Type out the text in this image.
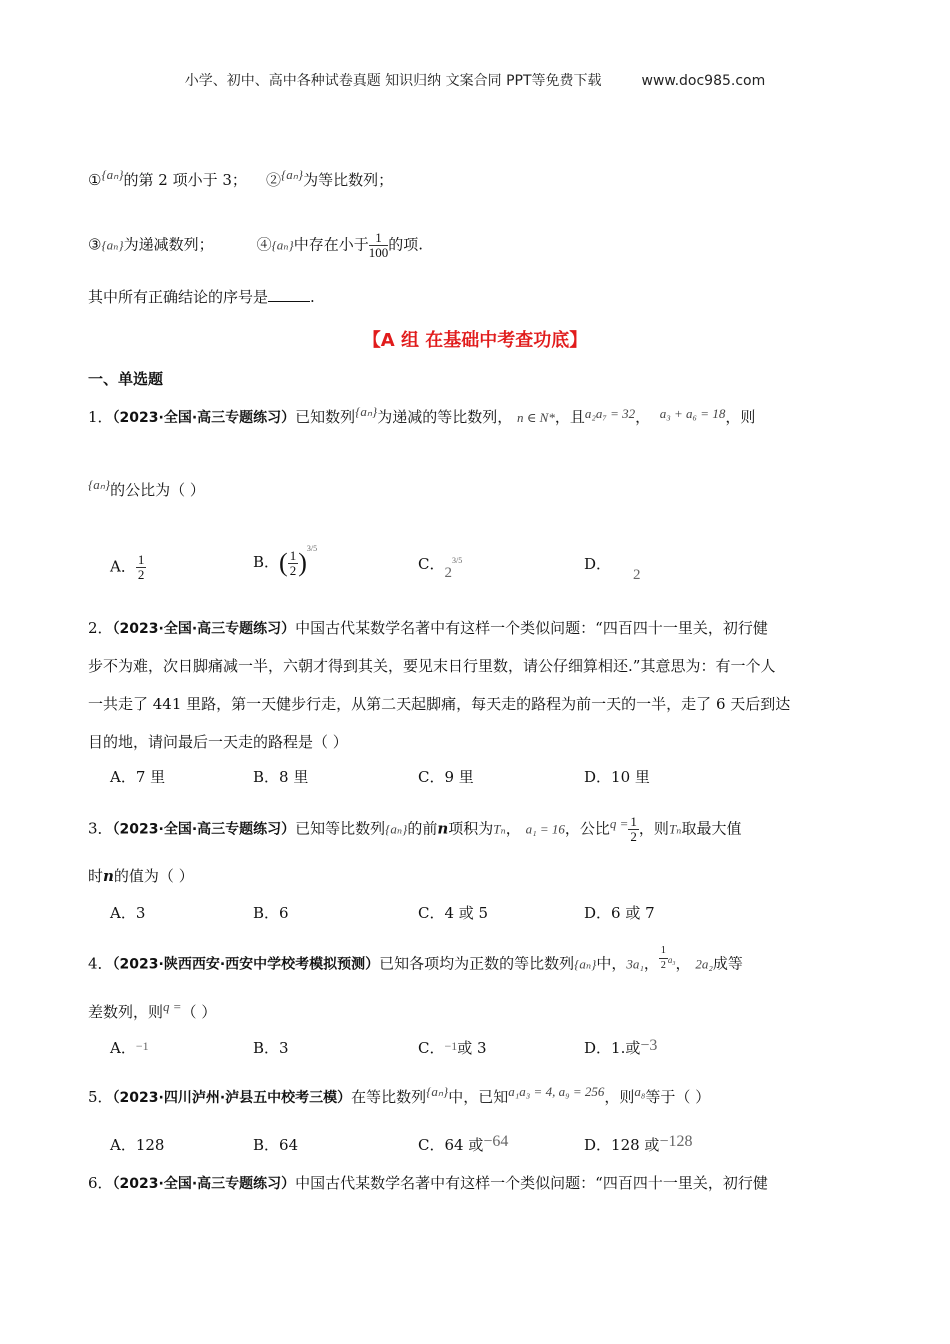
小学、初中、高中各种试卷真题 知识归纳 文案合同 PPT等免费下载	www.doc985.com
①{aₙ}的第 2 项小于 3； ②{aₙ}为等比数列；
③{aₙ}为递减数列；	④{aₙ}中存在小于 $\frac{1}{100}$ 的项.
其中所有正确结论的序号是	.
【A 组 在基础中考查功底】
一、单选题
1．（2023·全国·高三专题练习）已知数列{aₙ}为递减的等比数列， n ∈ N*，且a₂a₇ = 32， a₃ + a₆ = 18，则
{aₙ}的公比为（ ）
A． $\frac{1}{2}$	B．( $\frac{1}{2} )^{3/5}$
C．$2^{3/5}$	D．2
2．（2023·全国·高三专题练习）中国古代某数学名著中有这样一个类似问题：“四百四十一里关，初行健
步不为难，次日脚痛减一半，六朝才得到其关，要见末日行里数，请公仔细算相还.”其意思为：有一个人
一共走了 441 里路，第一天健步行走，从第二天起脚痛，每天走的路程为前一天的一半，走了 6 天后到达
目的地，请问最后一天走的路程是（ ）
A．7 里	B．8 里	C．9 里	D．10 里
3．（2023·全国·高三专题练习）已知等比数列{aₙ}的前n项积为Tₙ， a₁ = 16，公比$q = \frac{1}{2}$ ，则Tₙ取最大值
时n的值为（ ）
A．3	B．6	C．4 或 5	D．6 或 7
4．（2023·陕西西安·西安中学校考模拟预测）已知各项均为正数的等比数列{aₙ}中，3a₁， $\frac{1}{2} ^{a_3}$， 2a₂成等
差数列，则q =（ ）
A．$^{-1}$	B．3	C．$^{-1}$或 3	D．1.或−3
5．（2023·四川泸州·泸县五中校考三模）在等比数列{aₙ}中，已知a₁a₃ = 4, a₉ = 256，则a₈等于（ ）
A．128	B．64	C．64 或−64	D．128 或−128
6．（2023·全国·高三专题练习）中国古代某数学名著中有这样一个类似问题：“四百四十一里关，初行健
